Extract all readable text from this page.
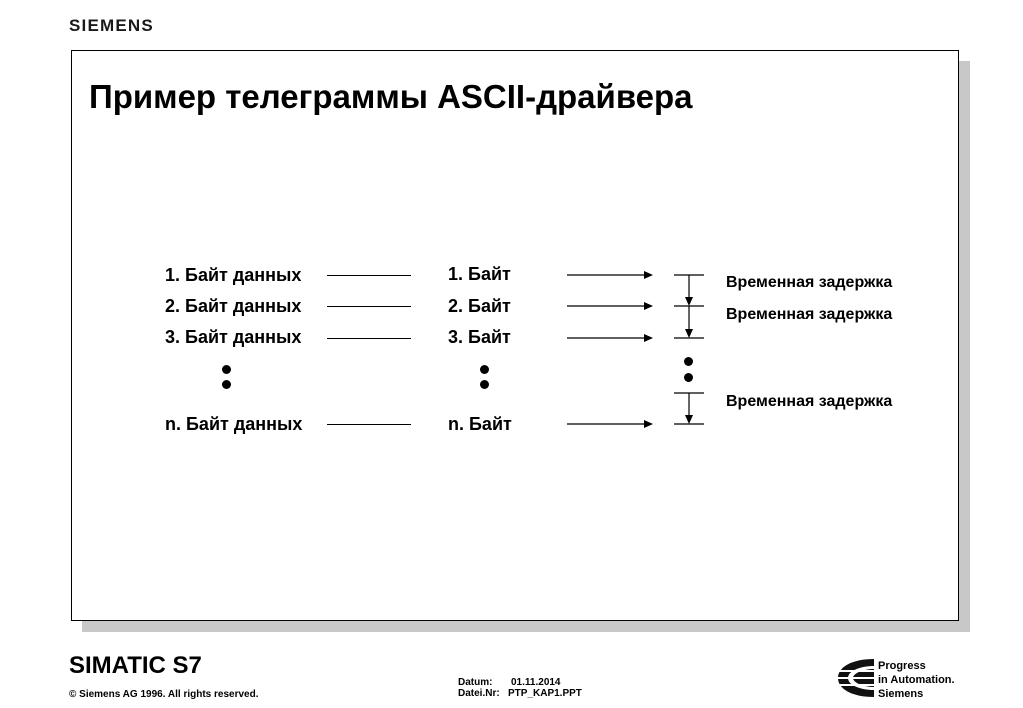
SIEMENS
Пример телеграммы ASCII-драйвера
1. Байт данных
2. Байт данных
3. Байт данных
n. Байт данных
1. Байт
2. Байт
3. Байт
n. Байт
Временная задержка
Временная задержка
Временная задержка
SIMATIC S7
© Siemens AG 1996. All rights reserved.
Datum: 01.11.2014
Datei.Nr: PTP_KAP1.PPT
Progress
in Automation.
Siemens
